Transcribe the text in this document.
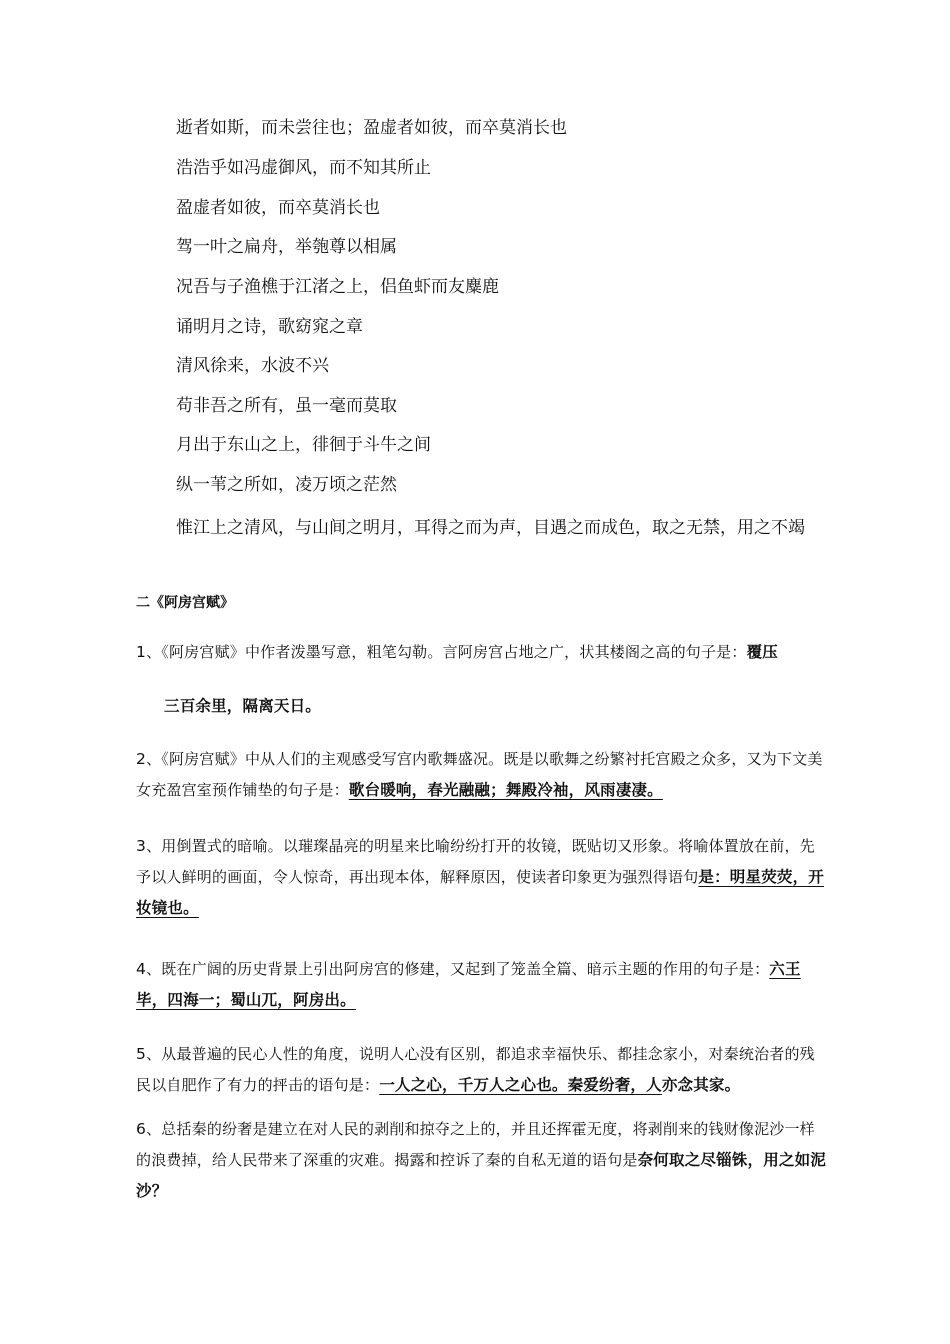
逝者如斯，而未尝往也；盈虚者如彼，而卒莫消长也
浩浩乎如冯虚御风，而不知其所止
盈虚者如彼，而卒莫消长也
驾一叶之扁舟，举匏尊以相属
况吾与子渔樵于江渚之上，侣鱼虾而友麋鹿
诵明月之诗，歌窈窕之章
清风徐来，水波不兴
苟非吾之所有，虽一毫而莫取
月出于东山之上，徘徊于斗牛之间
纵一苇之所如，凌万顷之茫然
惟江上之清风，与山间之明月，耳得之而为声，目遇之而成色，取之无禁，用之不竭
二《阿房宫赋》
1、《阿房宫赋》中作者泼墨写意，粗笔勾勒。言阿房宫占地之广，状其楼阁之高的句子是：覆压
三百余里，隔离天日。
2、《阿房宫赋》中从人们的主观感受写宫内歌舞盛况。既是以歌舞之纷繁衬托宫殿之众多，又为下文美女充盈宫室预作铺垫的句子是：歌台暖响，春光融融；舞殿冷袖，风雨凄凄。
3、用倒置式的暗喻。以璀璨晶亮的明星来比喻纷纷打开的妆镜，既贴切又形象。将喻体置放在前，先予以人鲜明的画面，令人惊奇，再出现本体，解释原因，使读者印象更为强烈得语句是：明星荧荧，开妆镜也。
4、既在广阔的历史背景上引出阿房宫的修建，又起到了笼盖全篇、暗示主题的作用的句子是：六王毕，四海一；蜀山兀，阿房出。
5、从最普遍的民心人性的角度，说明人心没有区别，都追求幸福快乐、都挂念家小，对秦统治者的残民以自肥作了有力的抨击的语句是：一人之心，千万人之心也。秦爱纷奢，人亦念其家。
6、总括秦的纷奢是建立在对人民的剥削和掠夺之上的，并且还挥霍无度，将剥削来的钱财像泥沙一样的浪费掉，给人民带来了深重的灾难。揭露和控诉了秦的自私无道的语句是奈何取之尽锱铢，用之如泥沙？
